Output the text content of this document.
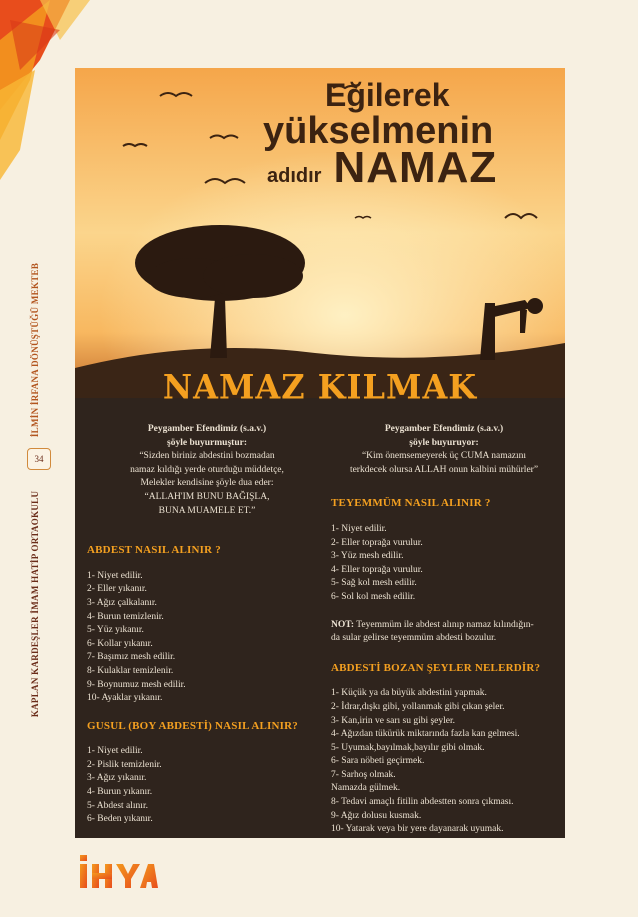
KAPLAN KARDEŞLER İMAM HATİP ORTAOKULU                     İLMİN İRFANA DÖNÜŞTÜĞÜ MEKTEB
34
Eğilerek
yükselmenin
adıdır NAMAZ
NAMAZ KILMAK
Peygamber Efendimiz (s.a.v.)
şöyle buyurmuştur:
“Sizden biriniz abdestini bozmadan
namaz kıldığı yerde oturduğu müddetçe,
Melekler kendisine şöyle dua eder:
“ALLAH'IM BUNU BAĞIŞLA,
BUNA MUAMELE ET.”
ABDEST NASIL ALINIR ?
1- Niyet edilir.
2- Eller yıkanır.
3- Ağız çalkalanır.
4- Burun temizlenir.
5- Yüz yıkanır.
6- Kollar yıkanır.
7- Başımız mesh edilir.
8- Kulaklar temizlenir.
9- Boynumuz mesh edilir.
10- Ayaklar yıkanır.
GUSUL (BOY ABDESTİ) NASIL ALINIR?
1- Niyet edilir.
2- Pislik temizlenir.
3- Ağız yıkanır.
4- Burun yıkanır.
5- Abdest alınır.
6- Beden yıkanır.
Peygamber Efendimiz (s.a.v.)
şöyle buyuruyor:
“Kim önemsemeyerek üç CUMA namazını
terkdecek olursa ALLAH onun kalbini mühürler”
TEYEMMÜM NASIL ALINIR ?
1- Niyet edilir.
2- Eller toprağa vurulur.
3- Yüz mesh edilir.
4- Eller toprağa vurulur.
5- Sağ kol mesh edilir.
6- Sol kol mesh edilir.
NOT: Teyemmüm ile abdest alınıp namaz kılındığın-
da sular gelirse teyemmüm abdesti bozulur.
ABDESTİ BOZAN ŞEYLER NELERDİR?
1- Küçük ya da büyük abdestini yapmak.
2- İdrar,dışkı gibi, yollanmak gibi çıkan şeler.
3- Kan,irin ve sarı su gibi şeyler.
4- Ağızdan tükürük miktarında fazla kan gelmesi.
5- Uyumak,bayılmak,bayılır gibi olmak.
6- Sara nöbeti geçirmek.
7- Sarhoş olmak.
Namazda gülmek.
8- Tedavi amaçlı fitilin abdestten sonra çıkması.
9- Ağız dolusu kusmak.
10- Yatarak veya bir yere dayanarak uyumak.
